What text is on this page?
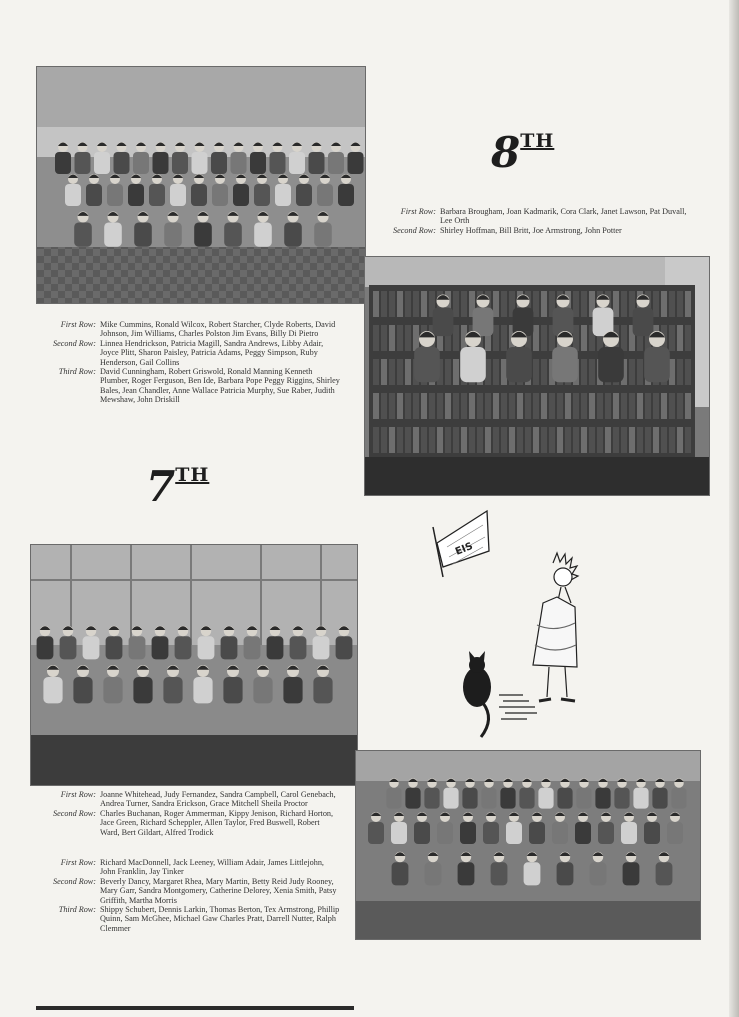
8TH
First Row: Barbara Brougham, Joan Kadmarik, Cora Clark, Janet Lawson, Pat Duvall, Lee Orth
Second Row: Shirley Hoffman, Bill Britt, Joe Armstrong, John Potter
First Row: Mike Cummins, Ronald Wilcox, Robert Starcher, Clyde Roberts, David Johnson, Jim Williams, Charles Polston Jim Evans, Billy Di Pietro
Second Row: Linnea Hendrickson, Patricia Magill, Sandra Andrews, Libby Adair, Joyce Plitt, Sharon Paisley, Patricia Adams, Peggy Simpson, Ruby Henderson, Gail Collins
Third Row: David Cunningham, Robert Griswold, Ronald Manning Kenneth Plumber, Roger Ferguson, Ben Ide, Barbara Pope Peggy Riggins, Shirley Bales, Jean Chandler, Anne Wallace Patricia Murphy, Sue Raber, Judith Mewshaw, John Driskill
7TH
EIS
First Row: Joanne Whitehead, Judy Fernandez, Sandra Campbell, Carol Genebach, Andrea Turner, Sandra Erickson, Grace Mitchell Sheila Proctor
Second Row: Charles Buchanan, Roger Ammerman, Kippy Jenison, Richard Horton, Jace Green, Richard Scheppler, Allen Taylor, Fred Buswell, Robert Ward, Bert Gildart, Alfred Trodick
First Row: Richard MacDonnell, Jack Leeney, William Adair, James Littlejohn, John Franklin, Jay Tinker
Second Row: Beverly Dancy, Margaret Rhea, Mary Martin, Betty Reid Judy Rooney, Mary Garr, Sandra Montgomery, Catherine Delorey, Xenia Smith, Patsy Griffith, Martha Morris
Third Row: Shippy Schubert, Dennis Larkin, Thomas Berton, Tex Armstrong, Phillip Quinn, Sam McGhee, Michael Gaw Charles Pratt, Darrell Nutter, Ralph Clemmer
